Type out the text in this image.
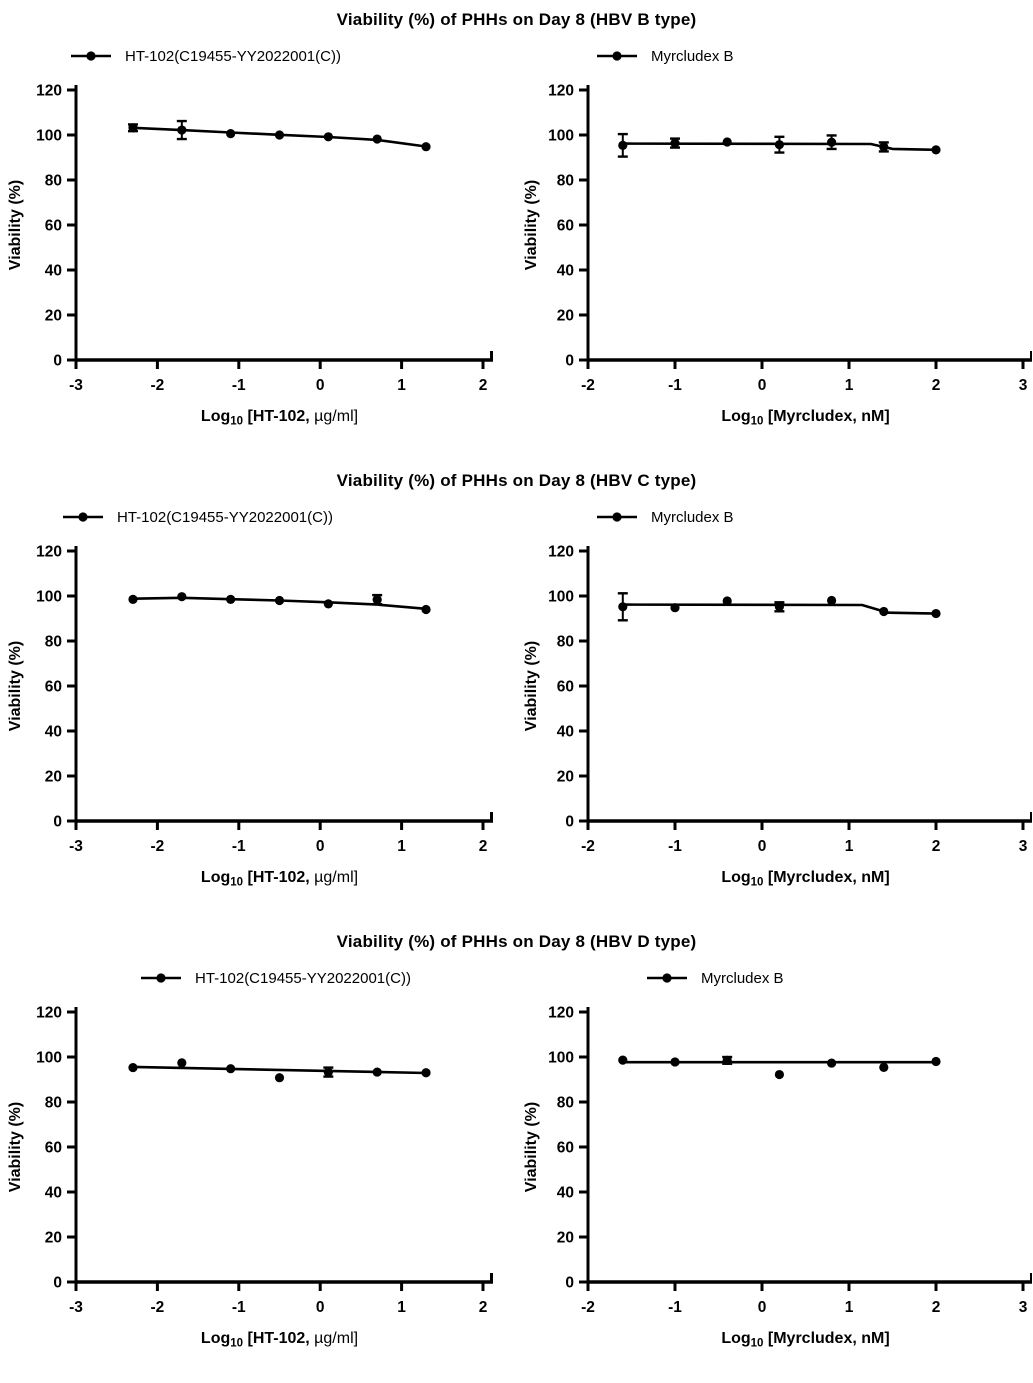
Viability (%) of PHHs on Day 8 (HBV B type)
HT-102(C19455-YY2022001(C))
0
20
40
60
80
100
120
-3	-2	-1	0	1	2
Viability (%)
Log$_{10}$ [HT-102, µg/ml]
Myrcludex B
0
20
40
60
80
100
120
-2	-1	0	1	2	3
Viability (%)
Log$_{10}$ [Myrcludex, nM]
Viability (%) of PHHs on Day 8 (HBV C type)
HT-102(C19455-YY2022001(C))
0
20
40
60
80
100
120
-3	-2	-1	0	1	2
Viability (%)
Log$_{10}$ [HT-102, µg/ml]
Myrcludex B
0
20
40
60
80
100
120
-2	-1	0	1	2	3
Viability (%)
Log$_{10}$ [Myrcludex, nM]
Viability (%) of PHHs on Day 8 (HBV D type)
HT-102(C19455-YY2022001(C))
0
20
40
60
80
100
120
-3	-2	-1	0	1	2
Viability (%)
Log$_{10}$ [HT-102, µg/ml]
Myrcludex B
0
20
40
60
80
100
120
-2	-1	0	1	2	3
Viability (%)
Log$_{10}$ [Myrcludex, nM]
